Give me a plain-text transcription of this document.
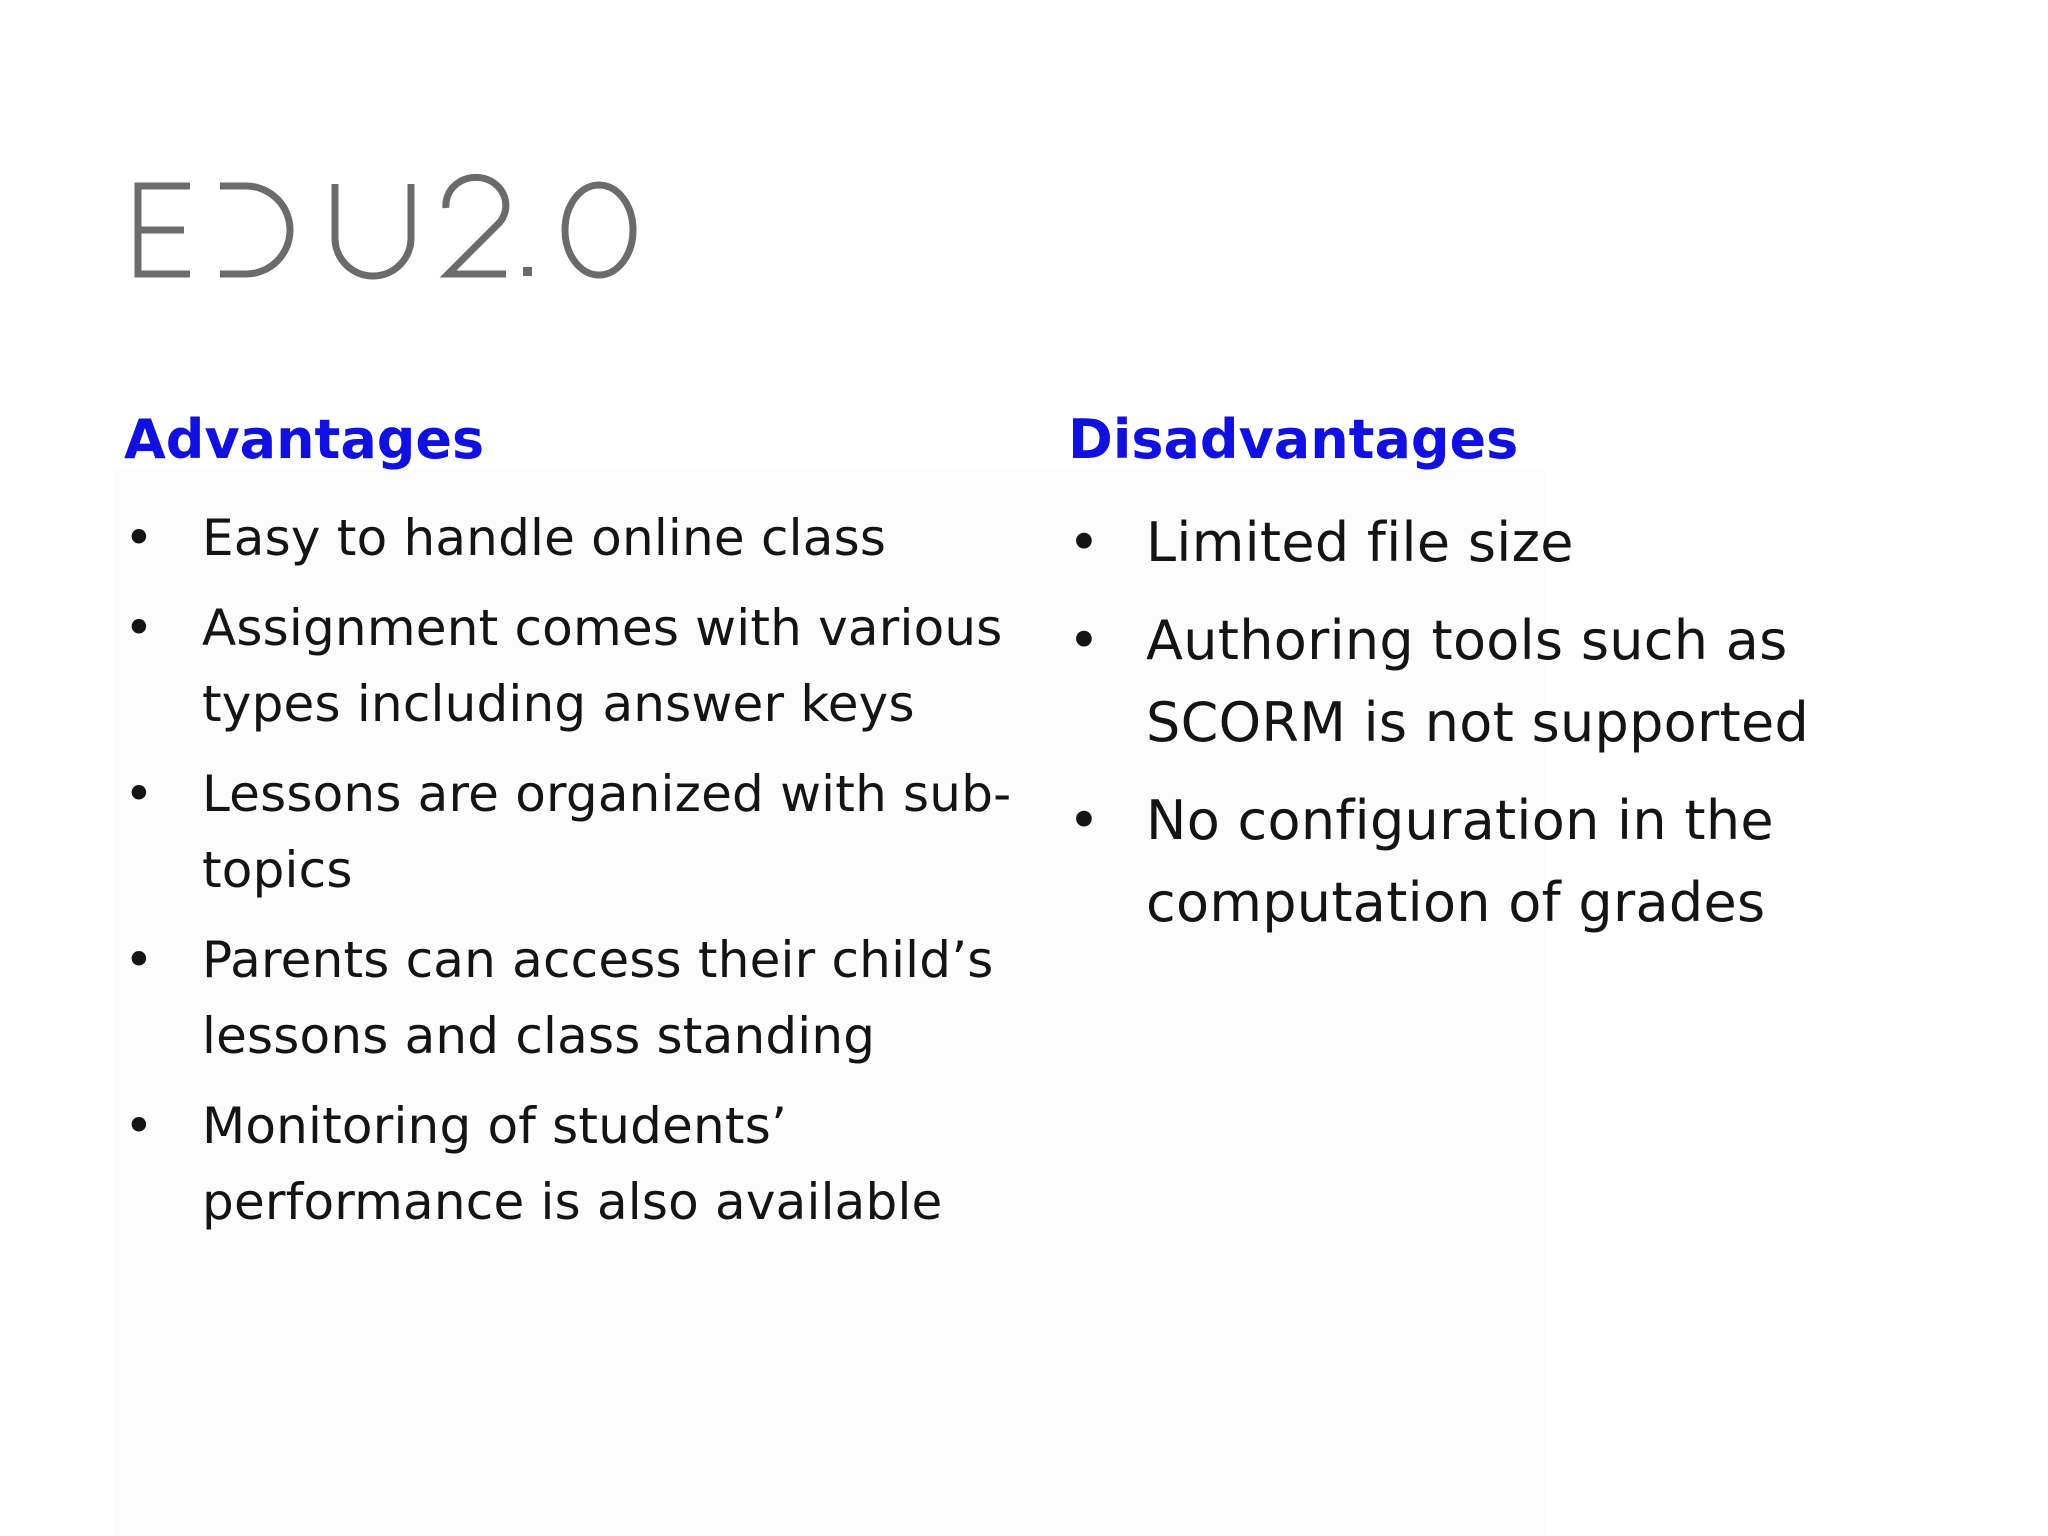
Advantages
• Easy to handle online class
• Assignment comes with various types including answer keys
• Lessons are organized with sub-topics
• Parents can access their child’s lessons and class standing
• Monitoring of students’ performance is also available
Disadvantages
• Limited file size
• Authoring tools such as SCORM is not supported
• No configuration in the computation of grades
